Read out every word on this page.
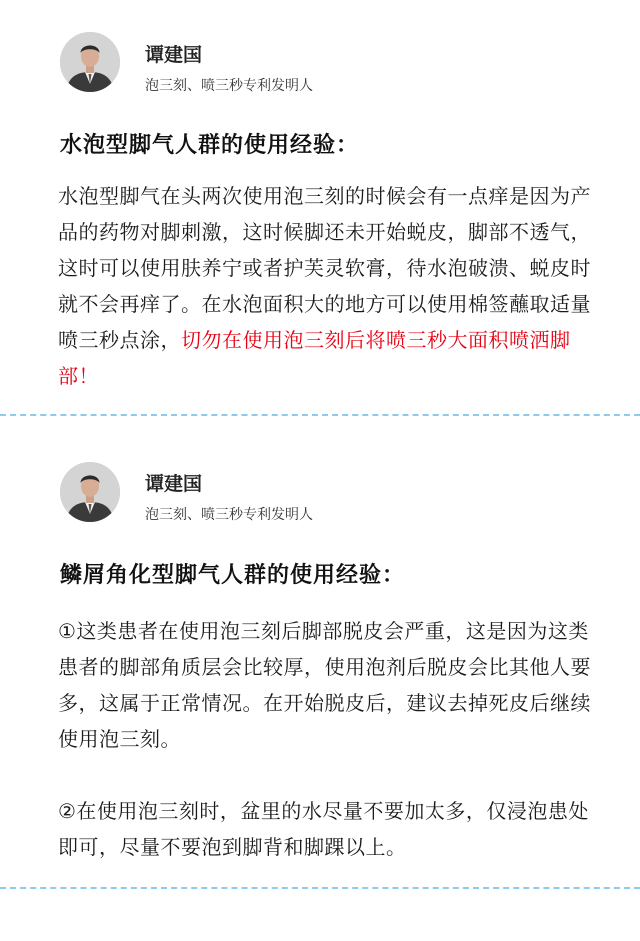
谭建国
泡三刻、喷三秒专利发明人
水泡型脚气人群的使用经验：
水泡型脚气在头两次使用泡三刻的时候会有一点痒是因为产品的药物对脚刺激，这时候脚还未开始蜕皮，脚部不透气，这时可以使用肤养宁或者护芙灵软膏，待水泡破溃、蜕皮时就不会再痒了。在水泡面积大的地方可以使用棉签蘸取适量喷三秒点涂，切勿在使用泡三刻后将喷三秒大面积喷洒脚部！
谭建国
泡三刻、喷三秒专利发明人
鳞屑角化型脚气人群的使用经验：
①这类患者在使用泡三刻后脚部脱皮会严重，这是因为这类患者的脚部角质层会比较厚，使用泡剂后脱皮会比其他人要多，这属于正常情况。在开始脱皮后，建议去掉死皮后继续使用泡三刻。
②在使用泡三刻时，盆里的水尽量不要加太多，仅浸泡患处即可，尽量不要泡到脚背和脚踝以上。
